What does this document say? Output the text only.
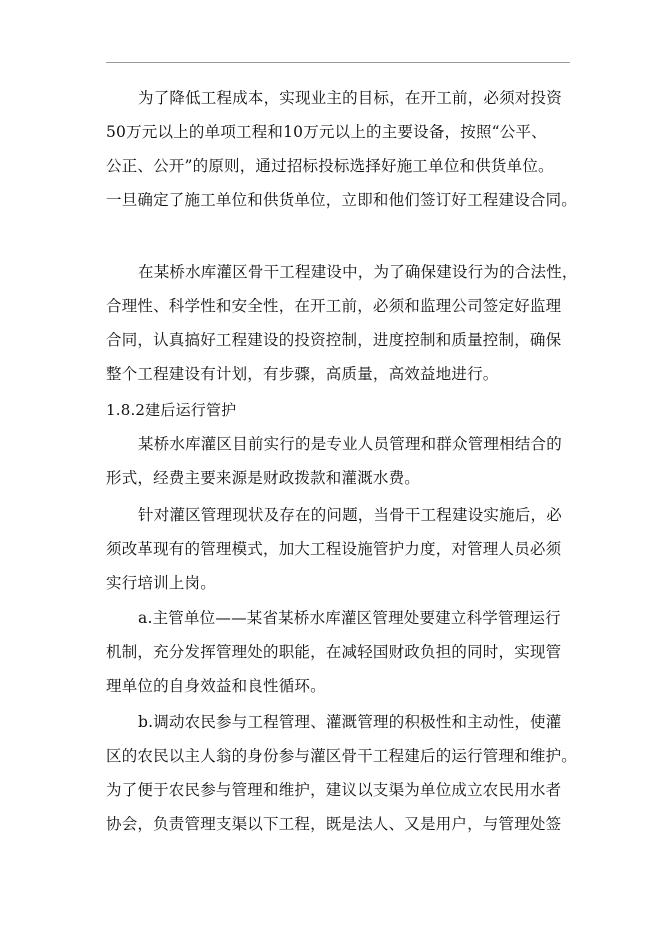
为了降低工程成本，实现业主的目标，在开工前，必须对投资
50万元以上的单项工程和10万元以上的主要设备，按照“公平、
公正、公开”的原则，通过招标投标选择好施工单位和供货单位。
一旦确定了施工单位和供货单位，立即和他们签订好工程建设合同。
在某桥水库灌区骨干工程建设中，为了确保建设行为的合法性，
合理性、科学性和安全性，在开工前，必须和监理公司签定好监理
合同，认真搞好工程建设的投资控制，进度控制和质量控制，确保
整个工程建设有计划，有步骤，高质量，高效益地进行。
1.8.2建后运行管护
某桥水库灌区目前实行的是专业人员管理和群众管理相结合的
形式，经费主要来源是财政拨款和灌溉水费。
针对灌区管理现状及存在的问题，当骨干工程建设实施后，必
须改革现有的管理模式，加大工程设施管护力度，对管理人员必须
实行培训上岗。
a.主管单位——某省某桥水库灌区管理处要建立科学管理运行
机制，充分发挥管理处的职能，在减轻国财政负担的同时，实现管
理单位的自身效益和良性循环。
b.调动农民参与工程管理、灌溉管理的积极性和主动性，使灌
区的农民以主人翁的身份参与灌区骨干工程建后的运行管理和维护。
为了便于农民参与管理和维护，建议以支渠为单位成立农民用水者
协会，负责管理支渠以下工程，既是法人、又是用户，与管理处签
